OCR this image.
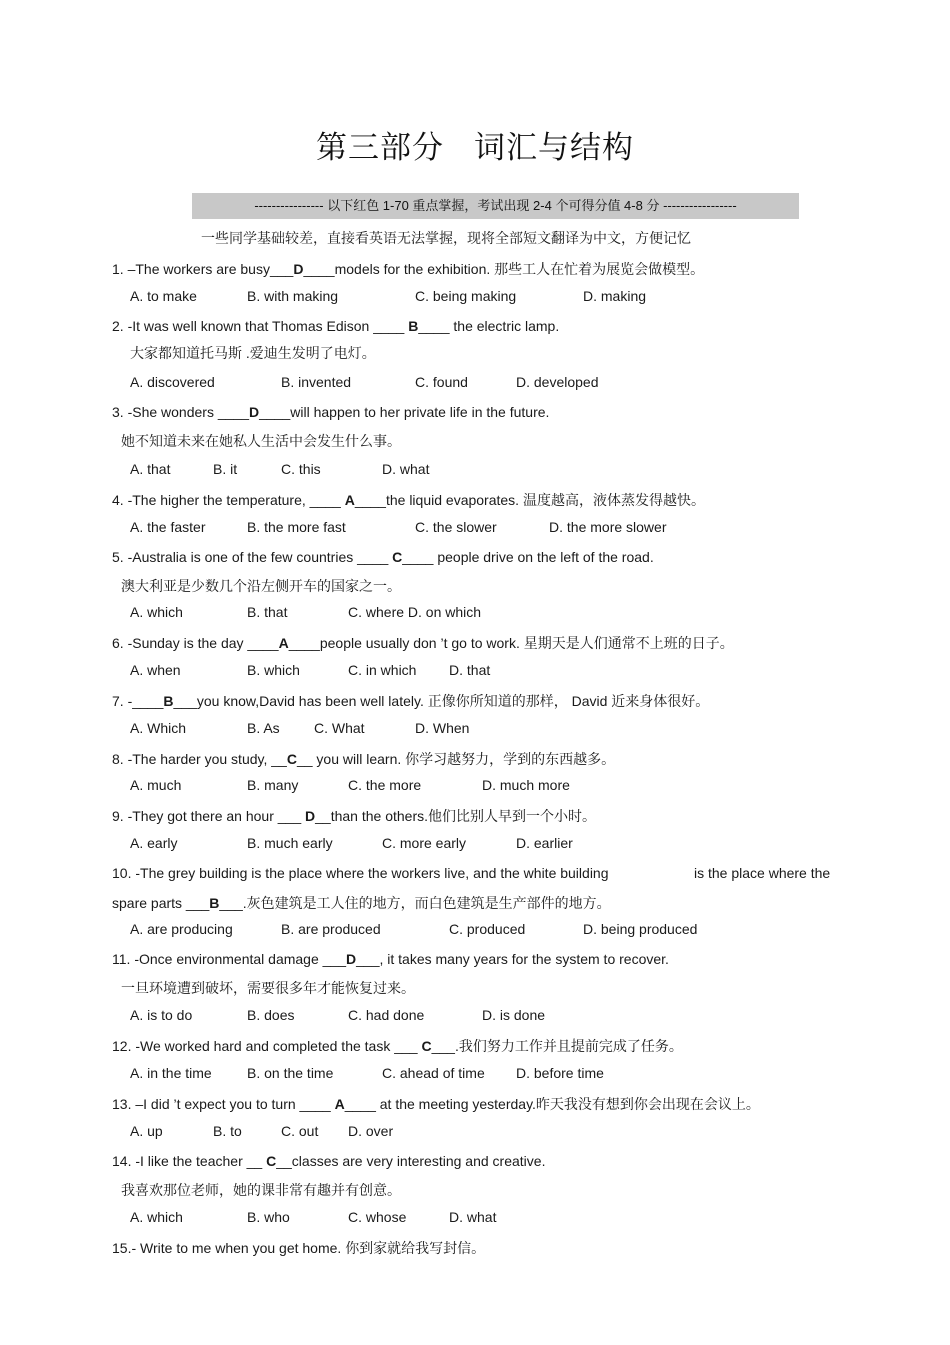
第三部分 词汇与结构
---------------- 以下红色 1-70 重点掌握，考试出现 2-4 个可得分值 4-8 分 -----------------
一些同学基础较差，直接看英语无法掌握，现将全部短文翻译为中文，方便记忆
1. –The workers are busy___D____models for the exhibition. 那些工人在忙着为展览会做模型。
A. to make	B. with making	C. being making	D. making
2. -It was well known that Thomas Edison ____ B____ the electric lamp.
大家都知道托马斯 .爱迪生发明了电灯。
A. discovered	B. invented	C. found	D. developed
3. -She wonders ____D____will happen to her private life in the future.
她不知道未来在她私人生活中会发生什么事。
A. that	B. it	C. this	D. what
4. -The higher the temperature, ____ A____the liquid evaporates. 温度越高，液体蒸发得越快。
A. the faster	B. the more fast	C. the slower	D. the more slower
5. -Australia is one of the few countries ____ C____ people drive on the left of the road.
澳大利亚是少数几个沿左侧开车的国家之一。
A. which	B. that	C. where D. on which
6. -Sunday is the day ____A____people usually don ’t go to work. 星期天是人们通常不上班的日子。
A. when	B. which	C. in which D. that
7. -____B___you know,David has been well lately. 正像你所知道的那样， David 近来身体很好。
A. Which	B. As C. What	D. When
8. -The harder you study, __C__ you will learn. 你学习越努力，学到的东西越多。
A. much	B. many	C. the more	D. much more
9. -They got there an hour ___ D__than the others.他们比别人早到一个小时。
A. early	B. much early	C. more early	D. earlier
10. -The grey building is the place where the workers live, and the white building	is the place where the
spare parts ___B___.灰色建筑是工人住的地方，而白色建筑是生产部件的地方。
A. are producing	B. are produced	C. produced	D. being produced
11. -Once environmental damage ___D___, it takes many years for the system to recover.
一旦环境遭到破坏，需要很多年才能恢复过来。
A. is to do	B. does	C. had done	D. is done
12. -We worked hard and completed the task ___ C___.我们努力工作并且提前完成了任务。
A. in the time	B. on the time	C. ahead of time D. before time
13. –I did ’t expect you to turn ____ A____ at the meeting yesterday.昨天我没有想到你会出现在会议上。
A. up	B. to	C. out D. over
14. -I like the teacher __ C__classes are very interesting and creative.
我喜欢那位老师，她的课非常有趣并有创意。
A. which	B. who	C. whose	D. what
15.- Write to me when you get home. 你到家就给我写封信。
